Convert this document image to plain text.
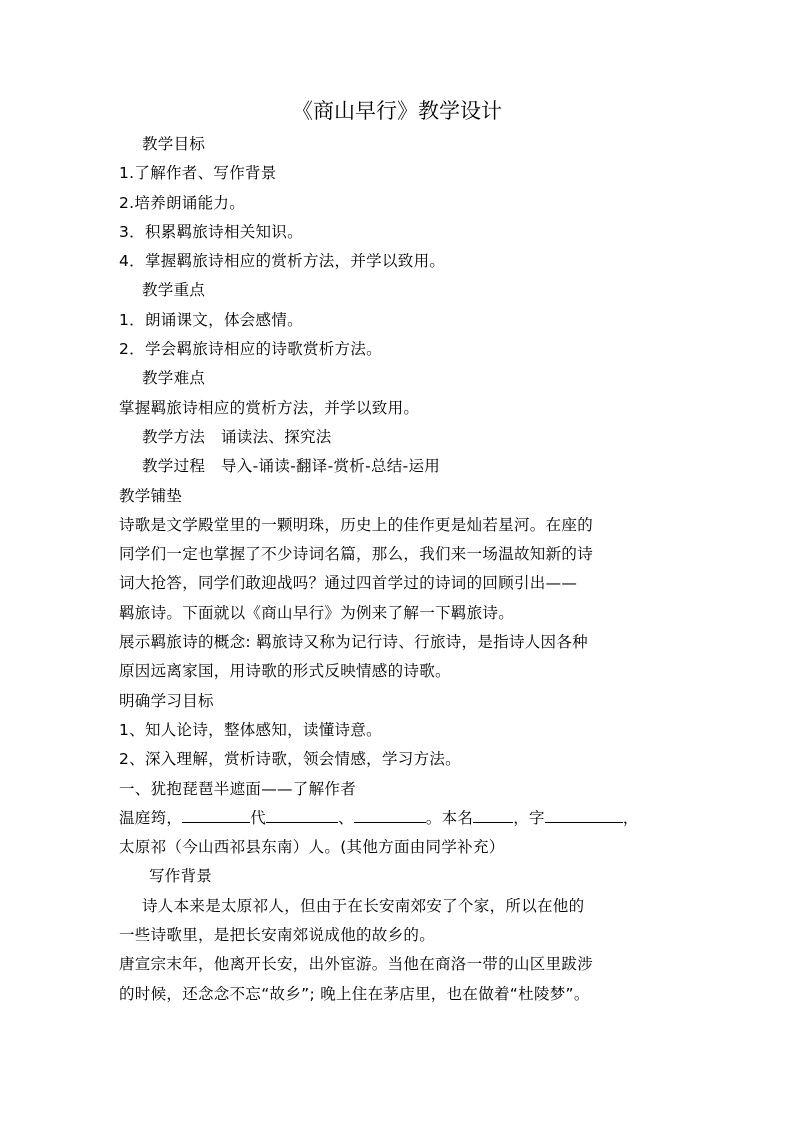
《商山早行》教学设计
教学目标
1.了解作者、写作背景
2.培养朗诵能力。
3．积累羁旅诗相关知识。
4．掌握羁旅诗相应的赏析方法，并学以致用。
教学重点
1．朗诵课文，体会感情。
2．学会羁旅诗相应的诗歌赏析方法。
教学难点
掌握羁旅诗相应的赏析方法，并学以致用。
教学方法　诵读法、探究法
教学过程　导入-诵读-翻译-赏析-总结-运用
教学铺垫
诗歌是文学殿堂里的一颗明珠，历史上的佳作更是灿若星河。在座的
同学们一定也掌握了不少诗词名篇，那么，我们来一场温故知新的诗
词大抢答，同学们敢迎战吗？通过四首学过的诗词的回顾引出——
羁旅诗。下面就以《商山早行》为例来了解一下羁旅诗。
展示羁旅诗的概念: 羁旅诗又称为记行诗、行旅诗，是指诗人因各种
原因远离家国，用诗歌的形式反映情感的诗歌。
明确学习目标
1、知人论诗，整体感知，读懂诗意。
2、深入理解，赏析诗歌，领会情感，学习方法。
一、犹抱琵琶半遮面——了解作者
温庭筠，	代	、	。本名	，字	，
太原祁（今山西祁县东南）人。(其他方面由同学补充）
写作背景
诗人本来是太原祁人，但由于在长安南郊安了个家，所以在他的
一些诗歌里，是把长安南郊说成他的故乡的。
唐宣宗末年，他离开长安，出外宦游。当他在商洛一带的山区里跋涉
的时候，还念念不忘“故乡”; 晚上住在茅店里，也在做着“杜陵梦”。
